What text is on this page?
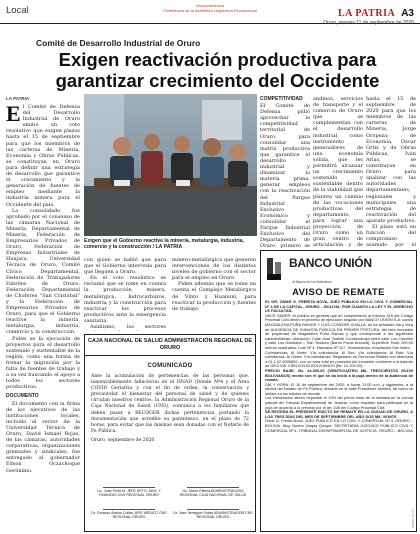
Local	Vicepresidencia
Presidencia de la Asamblea Legislativa Plurinacional	LA PATRIA A3
Oruro, viernes 11 de septiembre de 2020
Comité de Desarrollo Industrial de Oruro
Exigen reactivación productiva para garantizar crecimiento del Occidente
LA PATRIA
E l Comité de Defensa del Desarrollo Industrial de Oruro emitió un voto resolutivo que exigen plazos hasta el 15 de septiembre para que los miembros de las carteras de Minería, Economía y Obras Públicas, se constituyan en Oruro para definir una estrategia de desarrollo que garantice el crecimiento y la generación de fuentes de empleo mediante la industria minera para el Occidente del país.

Lo consolidado fue aprobado por el consenso de las cámaras Nacional de Minería, Departamental de Minería, Federación de Empresarios Privados de Oruro, Federación de Empresas Industriales de Huajara, Universidad Técnica de Oruro, Comité Cívico Departamental, Federación de Trabajadores Fabriles de Oruro, Federación Departamental de Choferes “San Cristóbal” y la Federación de Empresarios Privados de Oruro, para que el Gobierno reactive la minería, metalurgia, industria, comercio y la construcción.

Piden se la ejecución de proyectos para el desarrollo sostenido y sustentable de la región, como una forma de frenar la migración por la falta de fuentes de trabajo y a su vez buscando el apoyo a todos los sectores productivos.

DOCUMENTO

El documento con la firma de los ejecutivos de las instituciones locales, incluido el rector de la Universidad Técnica de Oruro, David Ismael Rojas, de las cámaras, autoridades corporativas, organizaciones gremiales y sindicales, fue entregado al gobernador Edson Oczachoque Gerónimo.

Exigen que el Gobierno reactive la minería, metalurgia, industria, comercio y la construcción / LA PATRIA

con quien se habló que para que el Gobierno interceda para que lleguen a Oruro.

En el voto resolutivo se reclamó que se tome en cuenta la producción minera, metalúrgica, hidrocarburos, industria y la construcción para reactivar los procesos productivos ante la emergencia sanitaria.

Asimismo, los sectores

minero-metalúrgica que generen intervenciones de los distintos niveles de gobierno con el sector para el empleo en Oruro.

Piden además que se tome en cuenta el Complejo Metalúrgico de Vinto y Huanuni, para reactivar la producción y fuentes de trabajo.

COMPETITIVIDAD

El Comité de Defensa pidió aprovechar la competitividad territorial de Oruro, para consolidar una matriz productiva que garantice el desarrollo industrial y dinamizar la materia prima, generar empleos con la reactivación del Parque Industrial Exclusivo Económico y consolidar el Parque Industrial Exclusivo del Departamento de Oruro, primero se

andinos, servicios de transporte y el comercio de Oruro que se complementan con el desarrollo industrial como instrumento generadores de una economía sólida, que les permitirá alcanzar un crecimiento sostenido y sustentable dentro de la viabilidad que plantea un cambio de las vocaciones productivas del departamento, para lograr una proyección de Oruro como un gran centro de articulación y de

hasta el 15 de septiembre de 2020 para que los miembros de las carteras de Minería, Jorge Oropeza; de Economía, Oscar Ortiz y de Obras Públicas, Iván Arias, se constituyan en Oruro para analizar con las autoridades departamentales, regionales y municipales una estrategia de reactivación del aparato productivo.

El plazo está en función del compromiso asumido por el

CAJA NACIONAL DE SALUD ADMINISTRACIÓN REGIONAL DE ORURO
COMUNICADO
Ante la acumulación de pertenencias de las personas que, lamentablemente fallecieron en el HNAD (Donde Nº4 y el Área COVID Geriatría y con el fin de orden, la conservación y precautelar el bienestar del personal de salud y de quienes circulan nuestros centros, la Administración Regional Oruro de la Caja Nacional de Salud (CNS), comunica a los familiares que deben pasar a RECOGER dichas pertenencias portando la documentación que acredite su parentesco, en el plazo de 72 horas, para evitar que las mismas sean donadas con el Notario de Fe Pública.
Oruro, septiembre de 2020
Lic. Juan Peña M. JEFE DPTO. ADM. Y FINANZAS CNS REGIONAL ORURO
Lic. María Fátima ADMINISTRADORA REGIONAL CAJA NACIONAL DE SALUD
Dr. Gerardo Ávalos Cullas JEFE MÉDICO CNS REGIONAL ORURO
Dr. Jose Ventiguer Todes ADMINISTRADOR CNS REGIONAL ORURO
BANCO UNIÓN
…el Banco de los Bolivianos
AVISO DE REMATE

EL DR. OMAR G. FRERITA NOVA, JUEZ PÚBLICO EN LO CIVIL Y COMERCIAL Nº 4 DE LA CAPITAL. ORURO – BOLIVIA. POR CUANTO LA LEY Y EL DERECHO LE FACULTAN.

HACE SABER: Al público en general que en cumplimiento al Artículo 416 del Código Procesal Civil dentro el proceso de ejecución seguido por BANCO UNIÓN S.A. contra MAGDALENA PUÑA RAMOS Y LUIS CONDORI CHALLA, se ha señalado día y hora de AUDIENCIA DE SUBASTA PÚBLICA EN PRIMER POSTURA, del bien inmueble de propiedad de Magdalena Puña Ramos y que corresponde a las siguientes características: Ubicación: Calle José Gabriel Condorcanqui entre calle Los Claveles y calle Los Gladiolos – San Teodoro (Barrio Puma Antonia), Superficie Total: 200.00 metros cuadrados; Lote Nº 4, Manzana Nº 117, Urbanización: Ampliación San Isidro.

Colindancias: Al Norte: Vía colindancia; Al Sud: Vía colindancia; Al Este: Vía colindancia; Al Oeste: Vía colindancia; Registrado en Derechos Reales con Matrícula 4.01.1.02.0009609, con un área total en posesión del inmueble conforme a la Asiento de DIEZ MIL CIEN 00/100 BOLIVIANOS (Bs. 10.100,00).

PRECIO BASE: Bs. 24.300,00 (VEINTICUATRO MIL TRESCIENTOS 00/100 BOLIVIANOS) monto con el que se da inicio a la puja dentro de la audiencia de remate.

DÍA Y HORA: El 16 de septiembre del 2020, a horas 11:00 a.m. y siguientes, a la oficina del Notario de Fe Pública, ubicada en la calle Presidente Montes, tal como se señala en los edictos de remate.

Los interesados deben depositar el 10% del precio base de la subasta en la cuenta judicial del Tribunal Departamental de Justicia, como requisito para participar en la puja de acuerdo a lo previsto por el art. 428 del Código Procesal Civil.

SE REITERA EL PRESENTE EDICTO DE REMATE EN LA CIUDAD DE ORURO, A LOS TRES DÍAS DEL MES DE SEPTIEMBRE DEL AÑO DOS MIL VEINTE

Omar G. Frerita Nova, JUEZ PÚBLICO EN LO CIVIL Y COMERCIAL Nº 4. ORURO – BOLIVIA. Abg. Noemi Vargas Quispe, SECRETARIA JUZGADO PÚBLICO CIVIL Y COMERCIAL Nº 4, TRIBUNAL DEPARTAMENTAL DE JUSTICIA. ORURO – BOLIVIA

LP-A3-110920
